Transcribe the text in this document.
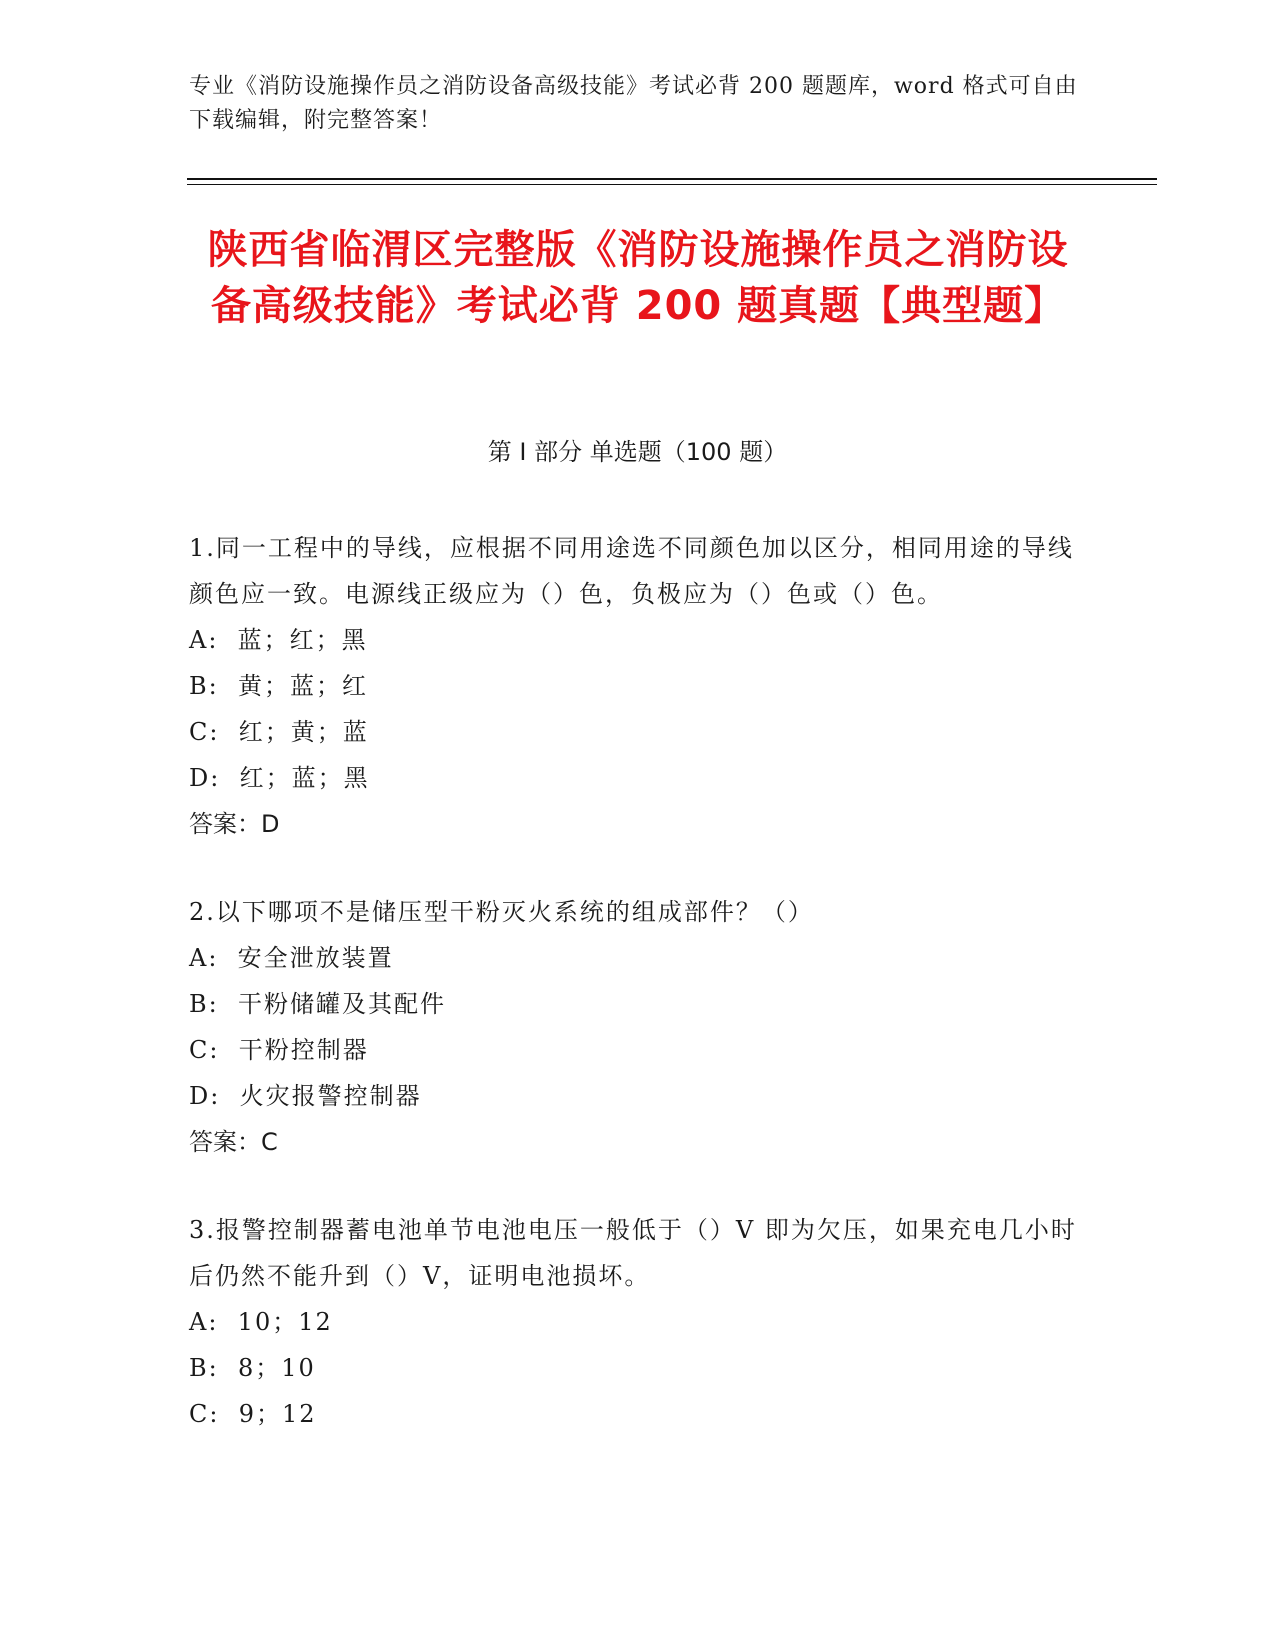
专业《消防设施操作员之消防设备高级技能》考试必背 200 题题库，word 格式可自由下载编辑，附完整答案！
陕西省临渭区完整版《消防设施操作员之消防设备高级技能》考试必背 200 题真题【典型题】
第 I 部分 单选题（100 题）
1.同一工程中的导线，应根据不同用途选不同颜色加以区分，相同用途的导线颜色应一致。电源线正级应为（）色，负极应为（）色或（）色。
A:  蓝；红；黑
B:  黄；蓝；红
C:  红；黄；蓝
D:  红；蓝；黑
答案：D
2.以下哪项不是储压型干粉灭火系统的组成部件？（）
A:  安全泄放装置
B:  干粉储罐及其配件
C:  干粉控制器
D:  火灾报警控制器
答案：C
3.报警控制器蓄电池单节电池电压一般低于（）V 即为欠压，如果充电几小时后仍然不能升到（）V，证明电池损坏。
A:  10；12
B:  8；10
C:  9；12
